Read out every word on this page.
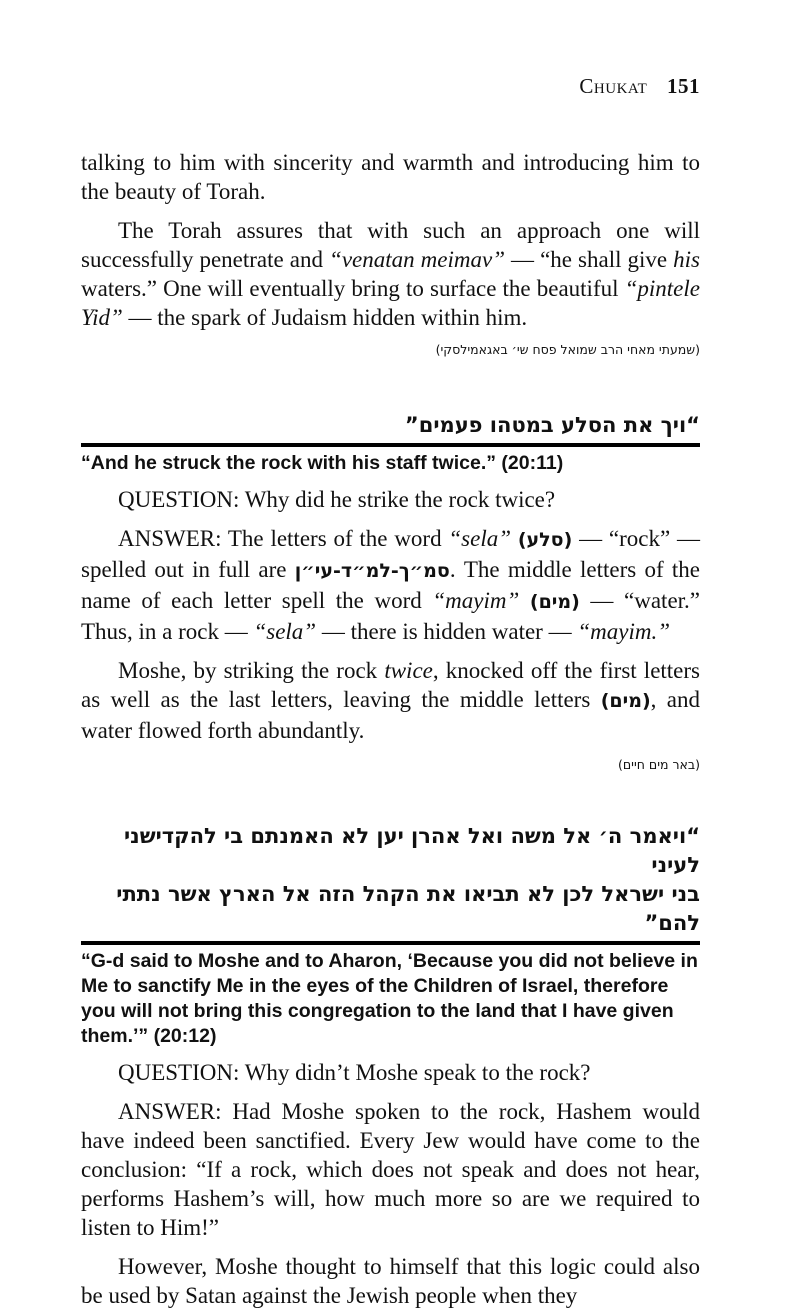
Chukat 151

talking to him with sincerity and warmth and introducing him to the beauty of Torah.

The Torah assures that with such an approach one will successfully penetrate and “venatan meimav” — “he shall give his waters.” One will eventually bring to surface the beautiful “pintele Yid” — the spark of Judaism hidden within him.

(שמעתי מאחי הרב שמואל פסח שי׳ באגאמילסקי)

“ויך את הסלע במטהו פעמים”

“And he struck the rock with his staff twice.” (20:11)

QUESTION: Why did he strike the rock twice?

ANSWER: The letters of the word “sela” (סלע) — “rock” — spelled out in full are סמ״ך-למ״ד-עי״ן. The middle letters of the name of each letter spell the word “mayim” (מים) — “water.” Thus, in a rock — “sela” — there is hidden water — “mayim.”

Moshe, by striking the rock twice, knocked off the first letters as well as the last letters, leaving the middle letters (מים), and water flowed forth abundantly.

(באר מים חיים)

“ויאמר ה׳ אל משה ואל אהרן יען לא האמנתם בי להקדישני לעיני

בני ישראל לכן לא תביאו את הקהל הזה אל הארץ אשר נתתי להם”

“G-d said to Moshe and to Aharon, ‘Because you did not believe in Me to sanctify Me in the eyes of the Children of Israel, therefore you will not bring this congregation to the land that I have given them.’” (20:12)

QUESTION: Why didn’t Moshe speak to the rock?

ANSWER: Had Moshe spoken to the rock, Hashem would have indeed been sanctified. Every Jew would have come to the conclusion: “If a rock, which does not speak and does not hear, performs Hashem’s will, how much more so are we required to listen to Him!”

However, Moshe thought to himself that this logic could also be used by Satan against the Jewish people when they
